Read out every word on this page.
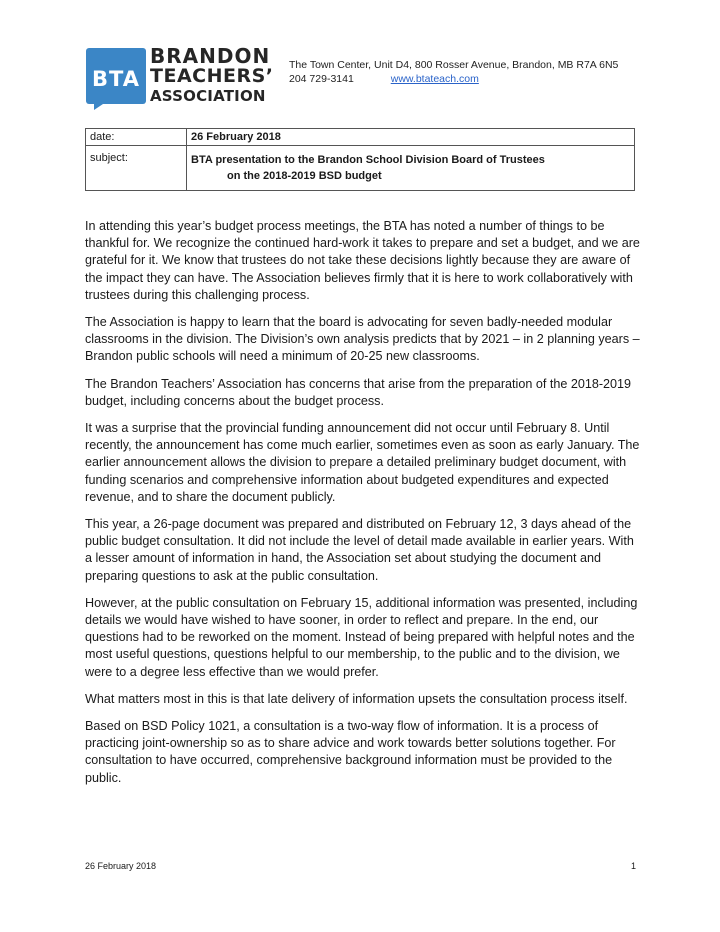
BTA
BRANDON
TEACHERS’
ASSOCIATION
The Town Center, Unit D4, 800 Rosser Avenue, Brandon, MB R7A 6N5
204 729-3141	www.btateach.com
date:	26 February 2018
subject:	BTA presentation to the Brandon School Division Board of Trustees
on the 2018-2019 BSD budget

In attending this year’s budget process meetings, the BTA has noted a number of things to be thankful for. We recognize the continued hard-work it takes to prepare and set a budget, and we are grateful for it. We know that trustees do not take these decisions lightly because they are aware of the impact they can have. The Association believes firmly that it is here to work collaboratively with trustees during this challenging process.

The Association is happy to learn that the board is advocating for seven badly-needed modular classrooms in the division. The Division’s own analysis predicts that by 2021 – in 2 planning years – Brandon public schools will need a minimum of 20-25 new classrooms.

The Brandon Teachers’ Association has concerns that arise from the preparation of the 2018-2019 budget, including concerns about the budget process.

It was a surprise that the provincial funding announcement did not occur until February 8. Until recently, the announcement has come much earlier, sometimes even as soon as early January. The earlier announcement allows the division to prepare a detailed preliminary budget document, with funding scenarios and comprehensive information about budgeted expenditures and expected revenue, and to share the document publicly.

This year, a 26-page document was prepared and distributed on February 12, 3 days ahead of the public budget consultation. It did not include the level of detail made available in earlier years. With a lesser amount of information in hand, the Association set about studying the document and preparing questions to ask at the public consultation.

However, at the public consultation on February 15, additional information was presented, including details we would have wished to have sooner, in order to reflect and prepare. In the end, our questions had to be reworked on the moment. Instead of being prepared with helpful notes and the most useful questions, questions helpful to our membership, to the public and to the division, we were to a degree less effective than we would prefer.

What matters most in this is that late delivery of information upsets the consultation process itself.

Based on BSD Policy 1021, a consultation is a two-way flow of information. It is a process of practicing joint-ownership so as to share advice and work towards better solutions together. For consultation to have occurred, comprehensive background information must be provided to the public.

26 February 2018	1
